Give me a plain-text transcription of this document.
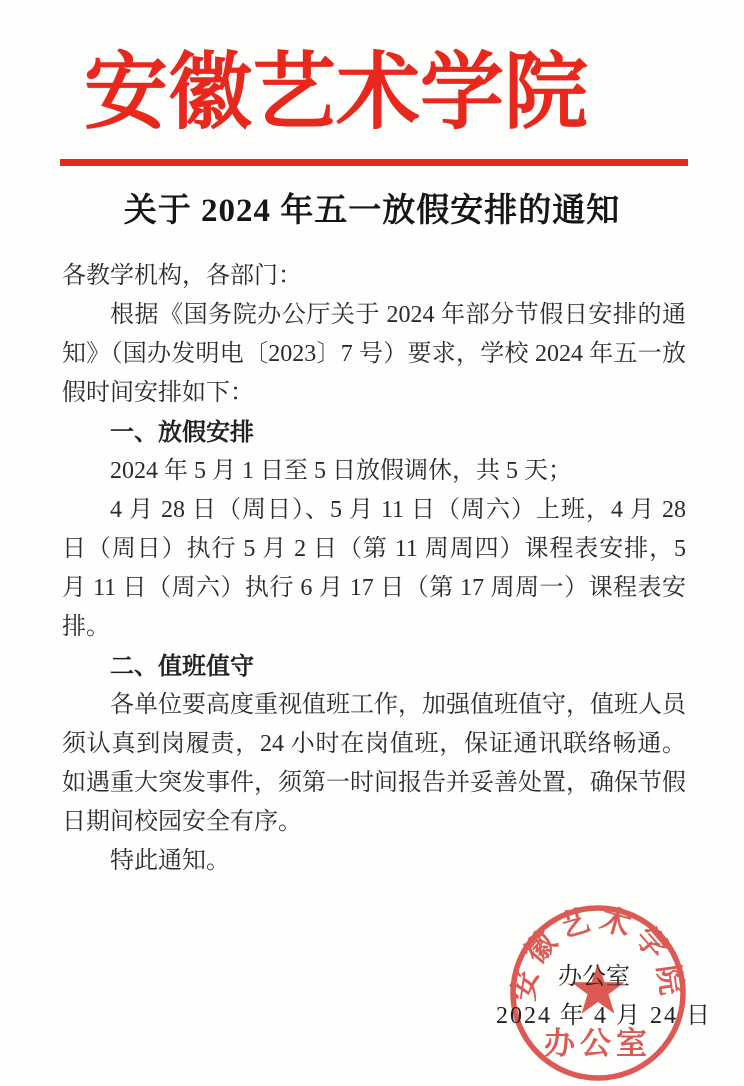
安徽艺术学院
关于 2024 年五一放假安排的通知

各教学机构，各部门：

根据《国务院办公厅关于 2024 年部分节假日安排的通知》（国办发明电〔2023〕7 号）要求，学校 2024 年五一放假时间安排如下：

一、放假安排

2024 年 5 月 1 日至 5 日放假调休，共 5 天；

4 月 28 日（周日）、5 月 11 日（周六）上班，4 月 28 日（周日）执行 5 月 2 日（第 11 周周四）课程表安排，5 月 11 日（周六）执行 6 月 17 日（第 17 周周一）课程表安排。

二、值班值守

各单位要高度重视值班工作，加强值班值守，值班人员须认真到岗履责，24 小时在岗值班，保证通讯联络畅通。如遇重大突发事件，须第一时间报告并妥善处置，确保节假日期间校园安全有序。

特此通知。

安徽艺术学院
办公室
办公室
2024 年 4 月 24 日
